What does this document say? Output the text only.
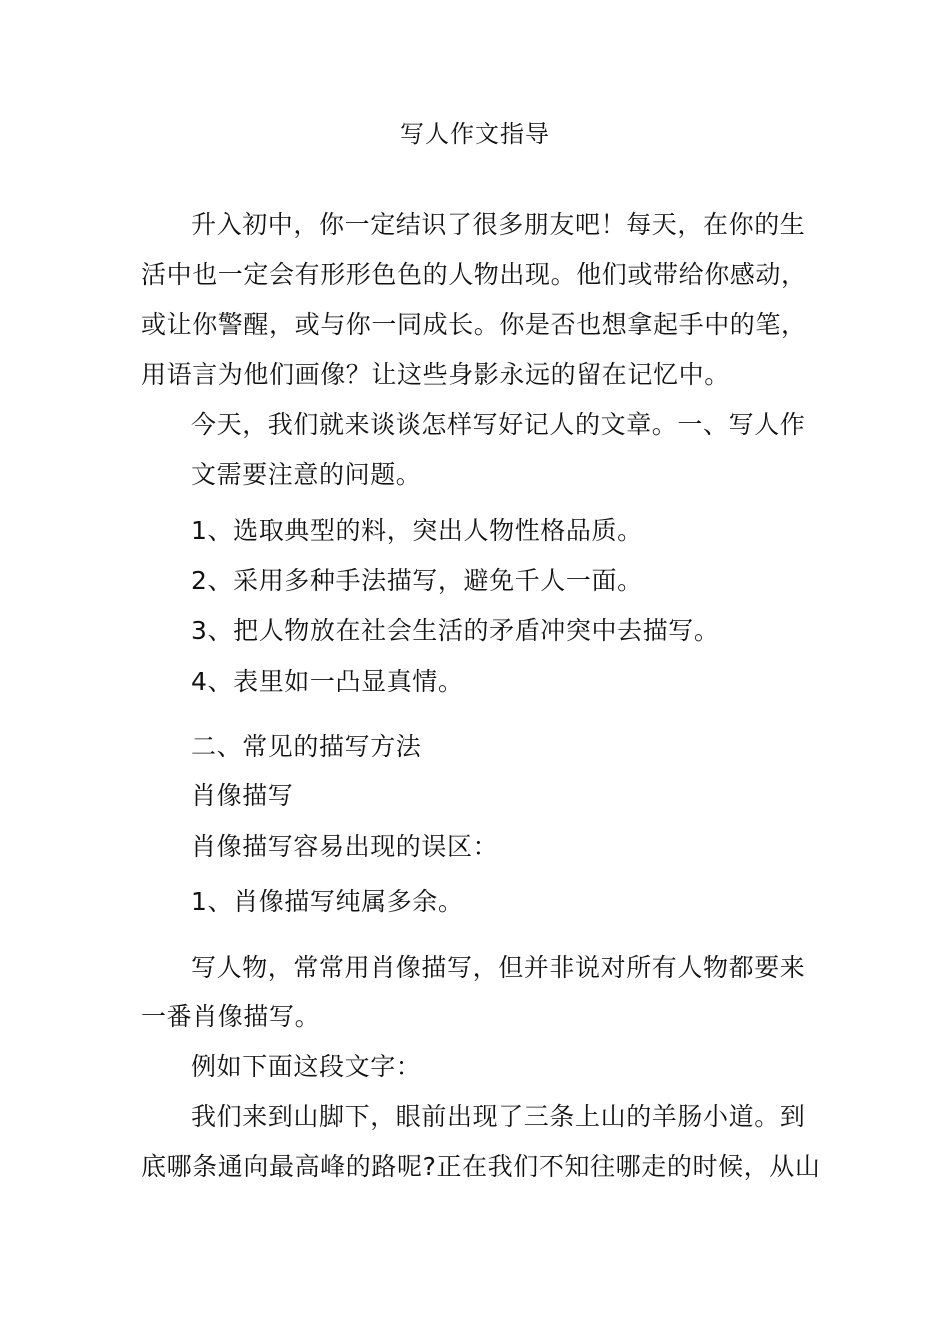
写人作文指导
升入初中，你一定结识了很多朋友吧！每天，在你的生
活中也一定会有形形色色的人物出现。他们或带给你感动，
或让你警醒，或与你一同成长。你是否也想拿起手中的笔，
用语言为他们画像？让这些身影永远的留在记忆中。
今天，我们就来谈谈怎样写好记人的文章。一、写人作
文需要注意的问题。
1、选取典型的料，突出人物性格品质。
2、采用多种手法描写，避免千人一面。
3、把人物放在社会生活的矛盾冲突中去描写。
4、表里如一凸显真情。
二、常见的描写方法
肖像描写
肖像描写容易出现的误区：
1、肖像描写纯属多余。
写人物，常常用肖像描写，但并非说对所有人物都要来
一番肖像描写。
例如下面这段文字：
我们来到山脚下，眼前出现了三条上山的羊肠小道。到
底哪条通向最高峰的路呢?正在我们不知往哪走的时候，从山
